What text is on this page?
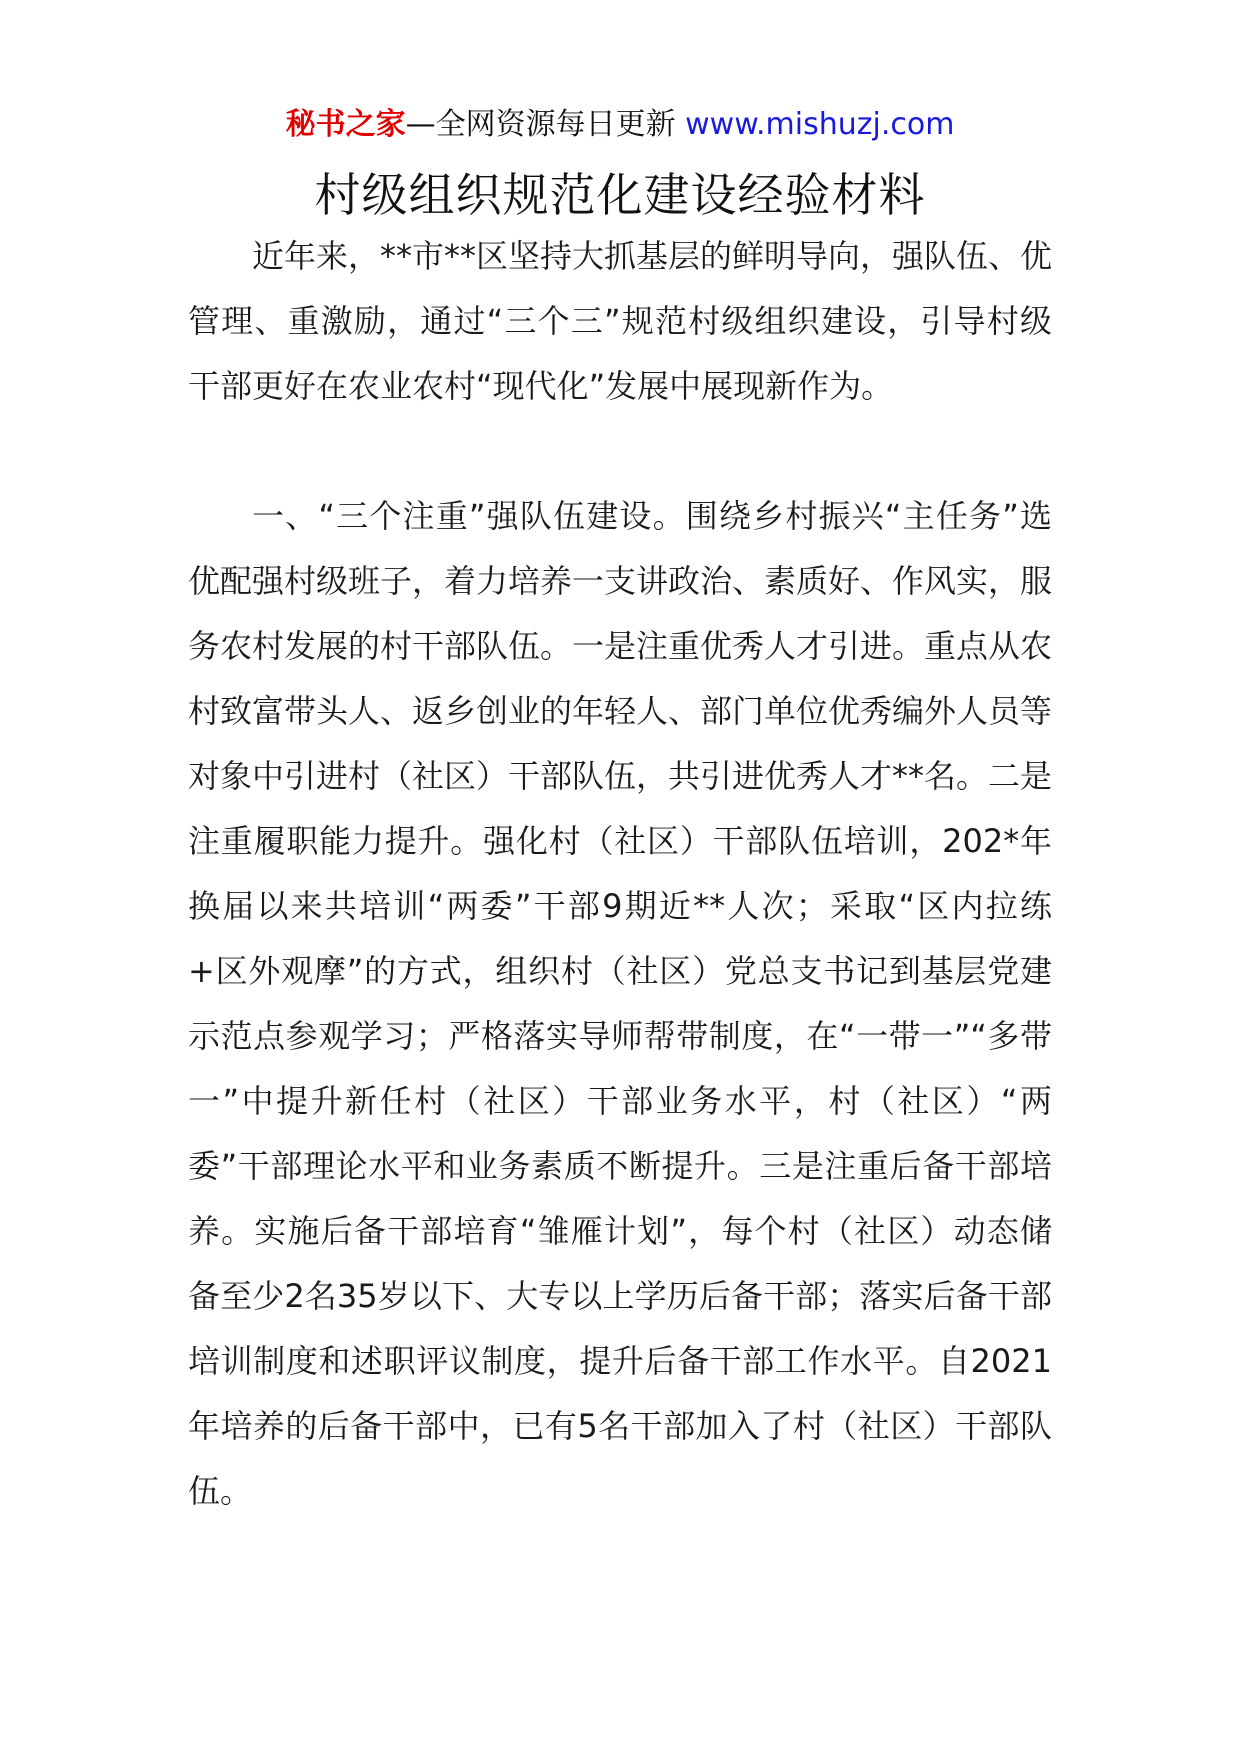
秘书之家—全网资源每日更新 www.mishuzj.com
村级组织规范化建设经验材料

近年来，**市**区坚持大抓基层的鲜明导向，强队伍、优管理、重激励，通过“三个三”规范村级组织建设，引导村级干部更好在农业农村“现代化”发展中展现新作为。

一、“三个注重”强队伍建设。围绕乡村振兴“主任务”选优配强村级班子，着力培养一支讲政治、素质好、作风实，服务农村发展的村干部队伍。一是注重优秀人才引进。重点从农村致富带头人、返乡创业的年轻人、部门单位优秀编外人员等对象中引进村（社区）干部队伍，共引进优秀人才**名。二是注重履职能力提升。强化村（社区）干部队伍培训，202*年换届以来共培训“两委”干部9期近**人次；采取“区内拉练+区外观摩”的方式，组织村（社区）党总支书记到基层党建示范点参观学习；严格落实导师帮带制度，在“一带一”“多带一”中提升新任村（社区）干部业务水平，村（社区）“两委”干部理论水平和业务素质不断提升。三是注重后备干部培养。实施后备干部培育“雏雁计划”，每个村（社区）动态储备至少2名35岁以下、大专以上学历后备干部；落实后备干部培训制度和述职评议制度，提升后备干部工作水平。自2021年培养的后备干部中，已有5名干部加入了村（社区）干部队伍。
